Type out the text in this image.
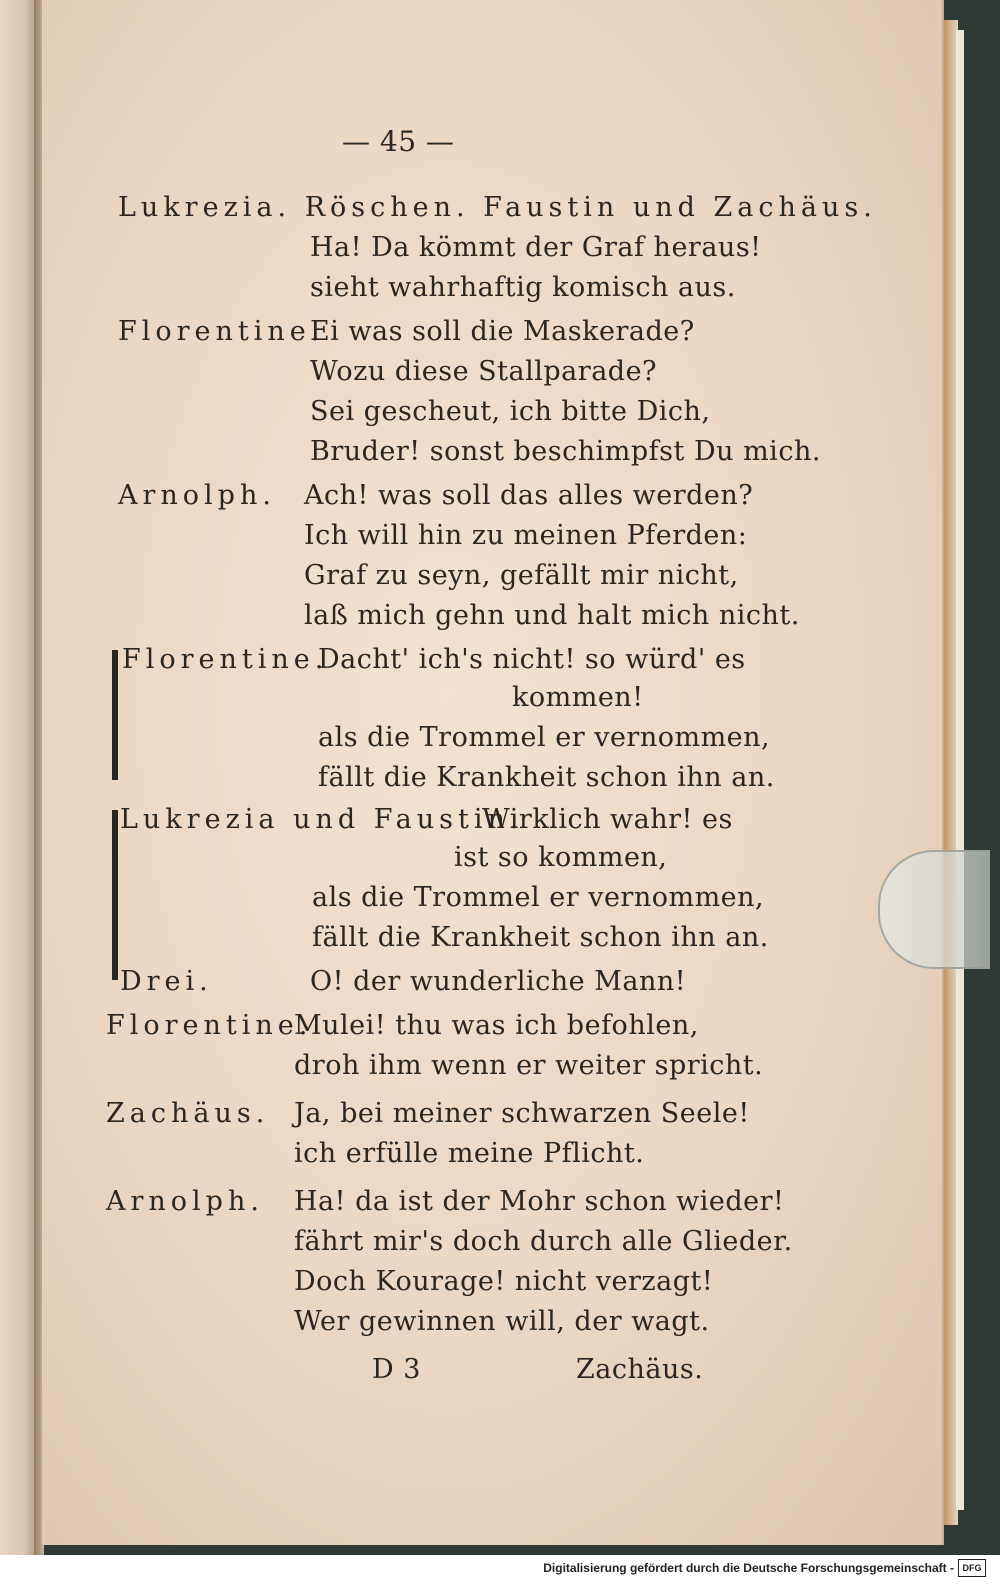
— 45 —
Lukrezia. Röschen. Faustin und Zachäus.
Ha! Da kömmt der Graf heraus!
sieht wahrhaftig komisch aus.
Florentine.
Ei was soll die Maskerade?
Wozu diese Stallparade?
Sei gescheut, ich bitte Dich,
Bruder! sonst beschimpfst Du mich.
Arnolph. Ach! was soll das alles werden?
Ich will hin zu meinen Pferden:
Graf zu seyn, gefällt mir nicht,
laß mich gehn und halt mich nicht.
Florentine.
Dacht' ich's nicht! so würd' es
kommen!
als die Trommel er vernommen,
fällt die Krankheit schon ihn an.
Lukrezia und Faustin.
Wirklich wahr! es
ist so kommen,
als die Trommel er vernommen,
fällt die Krankheit schon ihn an.
Drei.	O! der wunderliche Mann!
Florentine.
Mulei! thu was ich befohlen,
droh ihm wenn er weiter spricht.
Zachäus. Ja, bei meiner schwarzen Seele!
ich erfülle meine Pflicht.
Arnolph. Ha! da ist der Mohr schon wieder!
fährt mir's doch durch alle Glieder.
Doch Kourage! nicht verzagt!
Wer gewinnen will, der wagt.
D 3	Zachäus.
Digitalisierung gefördert durch die Deutsche Forschungsgemeinschaft - DFG
